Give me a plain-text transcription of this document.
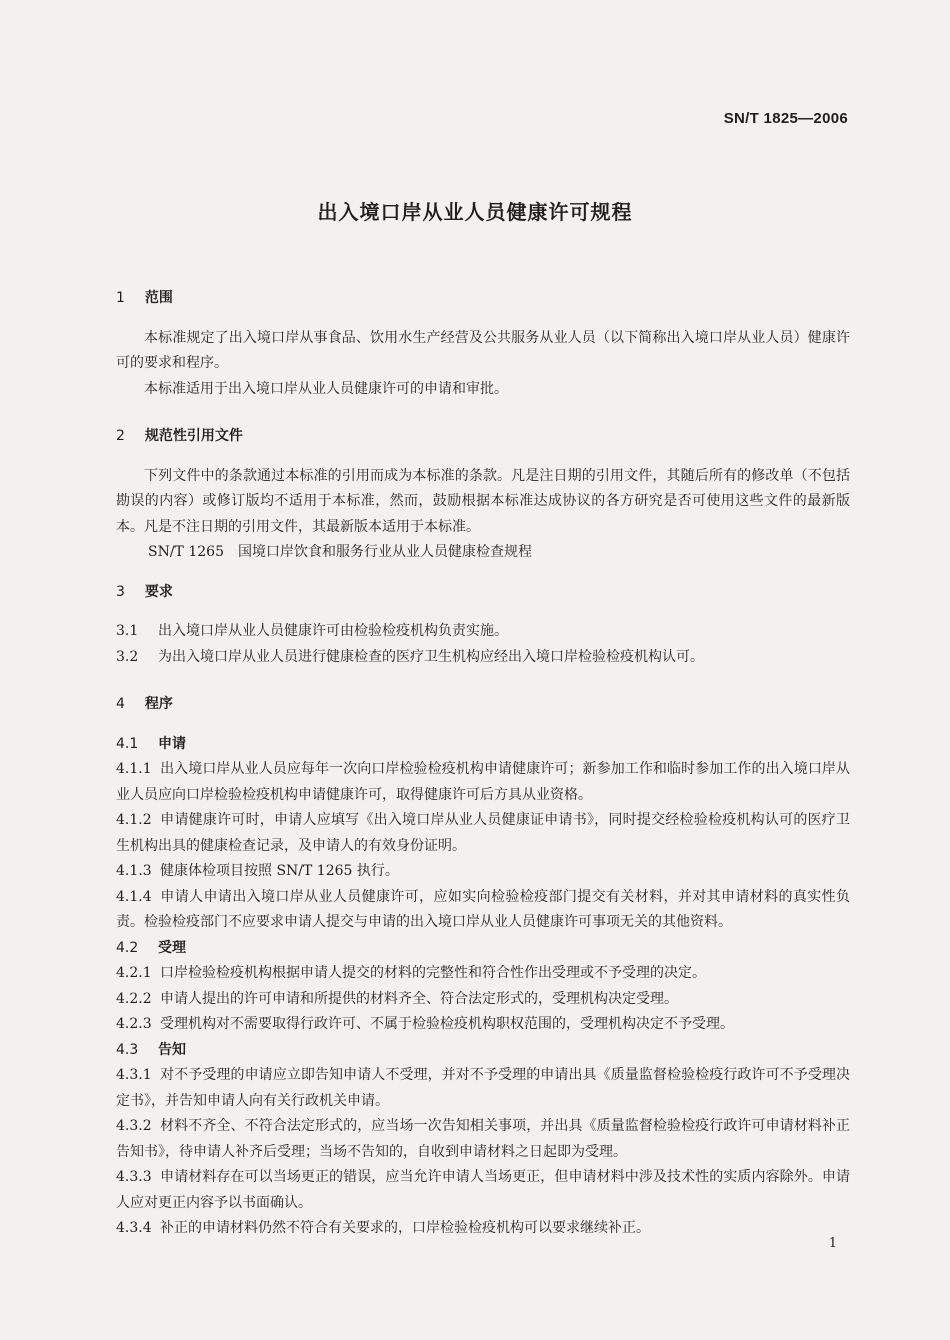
SN/T 1825—2006
出入境口岸从业人员健康许可规程
1 范围

本标准规定了出入境口岸从事食品、饮用水生产经营及公共服务从业人员（以下简称出入境口岸从业人员）健康许可的要求和程序。

本标准适用于出入境口岸从业人员健康许可的申请和审批。

2 规范性引用文件

下列文件中的条款通过本标准的引用而成为本标准的条款。凡是注日期的引用文件，其随后所有的修改单（不包括勘误的内容）或修订版均不适用于本标准，然而，鼓励根据本标准达成协议的各方研究是否可使用这些文件的最新版本。凡是不注日期的引用文件，其最新版本适用于本标准。

SN/T 1265　国境口岸饮食和服务行业从业人员健康检查规程

3 要求

3.1 出入境口岸从业人员健康许可由检验检疫机构负责实施。

3.2 为出入境口岸从业人员进行健康检查的医疗卫生机构应经出入境口岸检验检疫机构认可。

4 程序
4.1 申请

4.1.1 出入境口岸从业人员应每年一次向口岸检验检疫机构申请健康许可；新参加工作和临时参加工作的出入境口岸从业人员应向口岸检验检疫机构申请健康许可，取得健康许可后方具从业资格。

4.1.2 申请健康许可时，申请人应填写《出入境口岸从业人员健康证申请书》，同时提交经检验检疫机构认可的医疗卫生机构出具的健康检查记录，及申请人的有效身份证明。

4.1.3 健康体检项目按照 SN/T 1265 执行。

4.1.4 申请人申请出入境口岸从业人员健康许可，应如实向检验检疫部门提交有关材料，并对其申请材料的真实性负责。检验检疫部门不应要求申请人提交与申请的出入境口岸从业人员健康许可事项无关的其他资料。

4.2 受理

4.2.1 口岸检验检疫机构根据申请人提交的材料的完整性和符合性作出受理或不予受理的决定。

4.2.2 申请人提出的许可申请和所提供的材料齐全、符合法定形式的，受理机构决定受理。

4.2.3 受理机构对不需要取得行政许可、不属于检验检疫机构职权范围的，受理机构决定不予受理。

4.3 告知

4.3.1 对不予受理的申请应立即告知申请人不受理，并对不予受理的申请出具《质量监督检验检疫行政许可不予受理决定书》，并告知申请人向有关行政机关申请。

4.3.2 材料不齐全、不符合法定形式的，应当场一次告知相关事项，并出具《质量监督检验检疫行政许可申请材料补正告知书》，待申请人补齐后受理；当场不告知的，自收到申请材料之日起即为受理。

4.3.3 申请材料存在可以当场更正的错误，应当允许申请人当场更正，但申请材料中涉及技术性的实质内容除外。申请人应对更正内容予以书面确认。

4.3.4 补正的申请材料仍然不符合有关要求的，口岸检验检疫机构可以要求继续补正。

1
